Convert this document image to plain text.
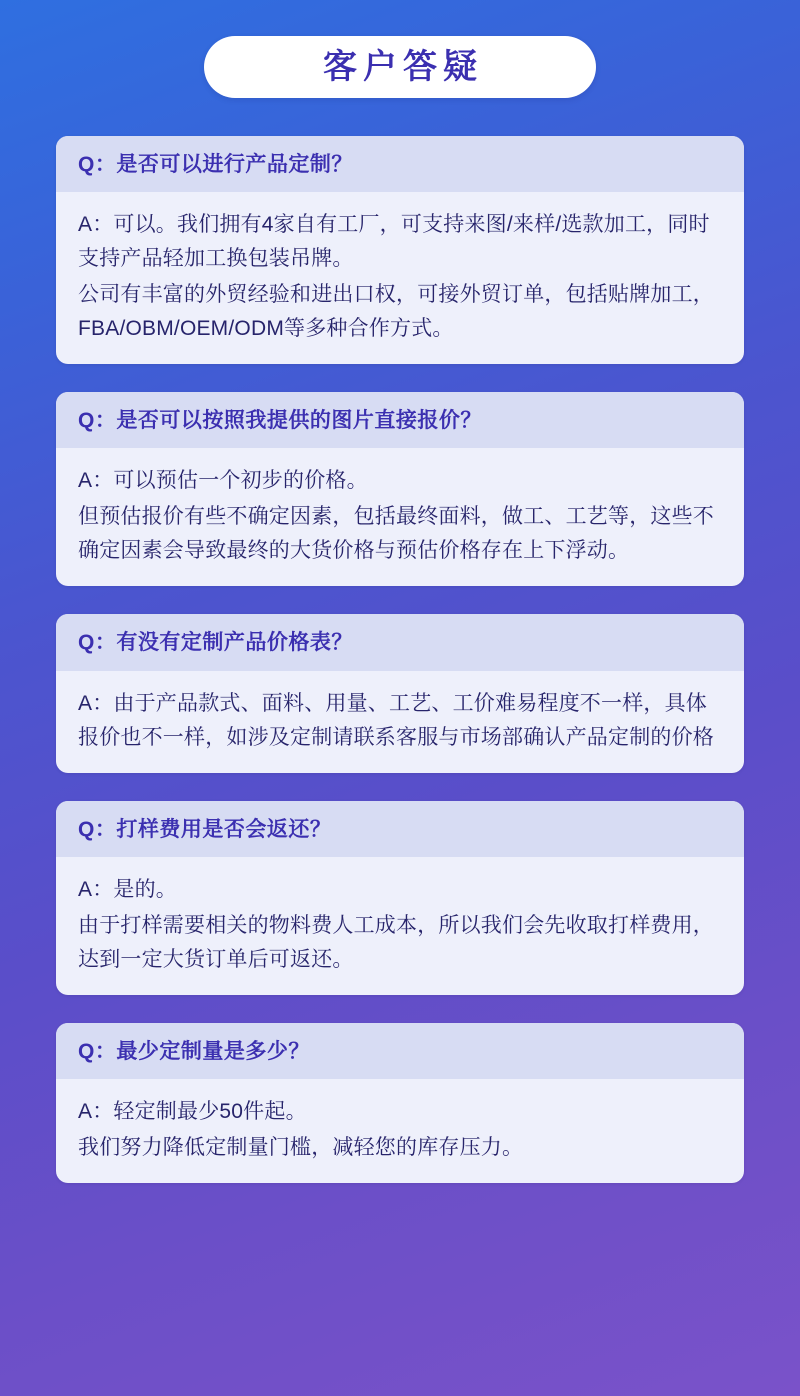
客户答疑
Q：是否可以进行产品定制？

A：可以。我们拥有4家自有工厂，可支持来图/来样/选款加工，同时支持产品轻加工换包装吊牌。

公司有丰富的外贸经验和进出口权，可接外贸订单，包括贴牌加工，FBA/OBM/OEM/ODM等多种合作方式。

Q：是否可以按照我提供的图片直接报价？

A：可以预估一个初步的价格。

但预估报价有些不确定因素，包括最终面料，做工、工艺等，这些不确定因素会导致最终的大货价格与预估价格存在上下浮动。

Q：有没有定制产品价格表？

A：由于产品款式、面料、用量、工艺、工价难易程度不一样，具体报价也不一样，如涉及定制请联系客服与市场部确认产品定制的价格

Q：打样费用是否会返还？

A：是的。

由于打样需要相关的物料费人工成本，所以我们会先收取打样费用，达到一定大货订单后可返还。

Q：最少定制量是多少？

A：轻定制最少50件起。

我们努力降低定制量门槛，减轻您的库存压力。
